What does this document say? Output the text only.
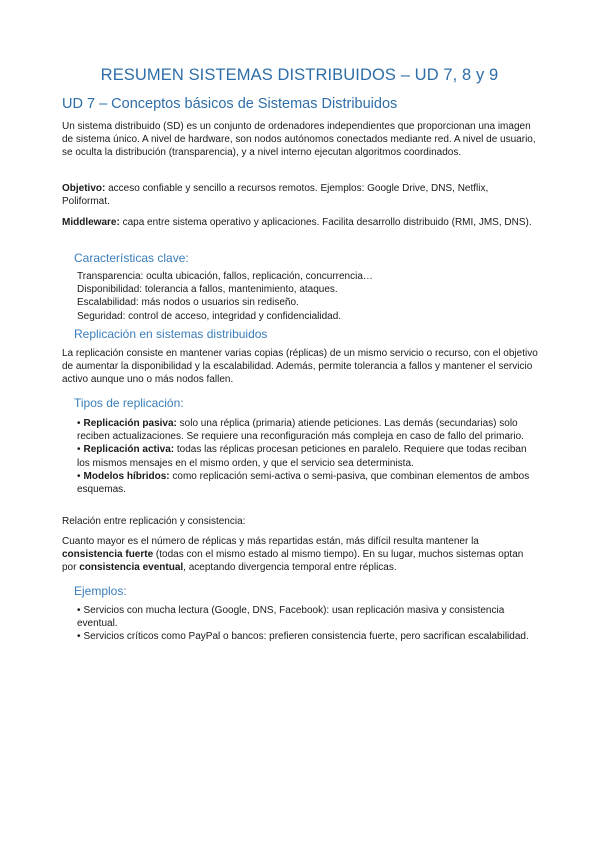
RESUMEN SISTEMAS DISTRIBUIDOS – UD 7, 8 y 9
UD 7 – Conceptos básicos de Sistemas Distribuidos

Un sistema distribuido (SD) es un conjunto de ordenadores independientes que proporcionan una imagen de sistema único. A nivel de hardware, son nodos autónomos conectados mediante red. A nivel de usuario, se oculta la distribución (transparencia), y a nivel interno ejecutan algoritmos coordinados.

Objetivo: acceso confiable y sencillo a recursos remotos. Ejemplos: Google Drive, DNS, Netflix, Poliformat.

Middleware: capa entre sistema operativo y aplicaciones. Facilita desarrollo distribuido (RMI, JMS, DNS).

Características clave:
Transparencia: oculta ubicación, fallos, replicación, concurrencia…
Disponibilidad: tolerancia a fallos, mantenimiento, ataques.
Escalabilidad: más nodos o usuarios sin rediseño.
Seguridad: control de acceso, integridad y confidencialidad.
Replicación en sistemas distribuidos

La replicación consiste en mantener varias copias (réplicas) de un mismo servicio o recurso, con el objetivo de aumentar la disponibilidad y la escalabilidad. Además, permite tolerancia a fallos y mantener el servicio activo aunque uno o más nodos fallen.

Tipos de replicación:
• Replicación pasiva: solo una réplica (primaria) atiende peticiones. Las demás (secundarias) solo reciben actualizaciones. Se requiere una reconfiguración más compleja en caso de fallo del primario.
• Replicación activa: todas las réplicas procesan peticiones en paralelo. Requiere que todas reciban los mismos mensajes en el mismo orden, y que el servicio sea determinista.
• Modelos híbridos: como replicación semi-activa o semi-pasiva, que combinan elementos de ambos esquemas.

Relación entre replicación y consistencia:

Cuanto mayor es el número de réplicas y más repartidas están, más difícil resulta mantener la consistencia fuerte (todas con el mismo estado al mismo tiempo). En su lugar, muchos sistemas optan por consistencia eventual, aceptando divergencia temporal entre réplicas.

Ejemplos:
• Servicios con mucha lectura (Google, DNS, Facebook): usan replicación masiva y consistencia eventual.
• Servicios críticos como PayPal o bancos: prefieren consistencia fuerte, pero sacrifican escalabilidad.
